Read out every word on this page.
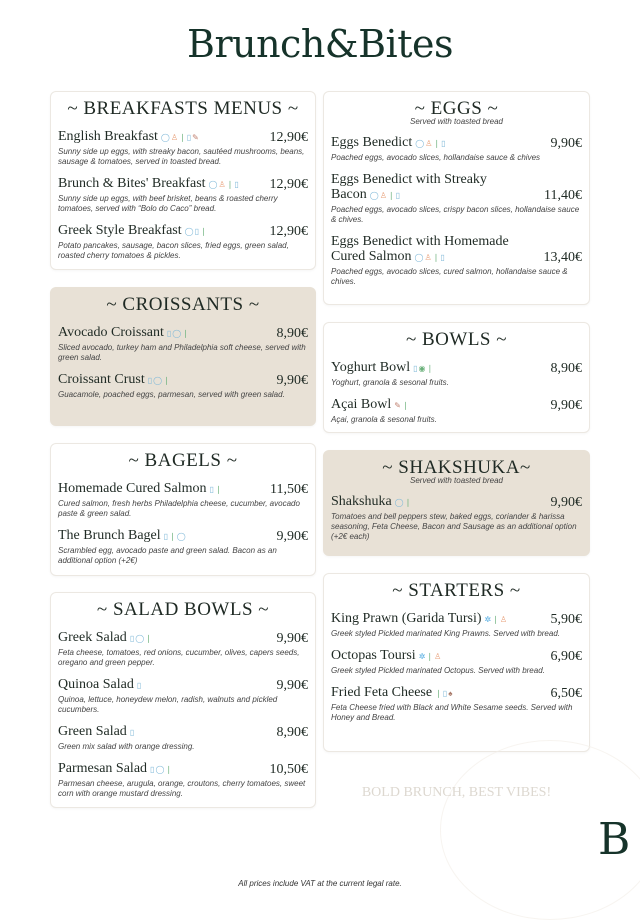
Brunch&Bites
~ BREAKFASTS MENUS ~
English Breakfast ◯♙❘▯✎	12,90€
Sunny side up eggs, with streaky bacon, sautéed mushrooms, beans, sausage & tomatoes, served in toasted bread.
Brunch & Bites' Breakfast ◯♙❘▯ 12,90€
Sunny side up eggs, with beef brisket, beans & roasted cherry tomatoes, served with “Bolo do Caco” bread.
Greek Style Breakfast ◯▯❘	12,90€
Potato pancakes, sausage, bacon slices, fried eggs, green salad, roasted cherry tomatoes & pickles.
~ CROISSANTS ~
Avocado Croissant ▯◯❘	8,90€
Sliced avocado, turkey ham and Philadelphia soft cheese, served with green salad.
Croissant Crust ▯◯❘	9,90€
Guacamole, poached eggs, parmesan, served with green salad.
~ BAGELS ~
Homemade Cured Salmon ▯❘	11,50€
Cured salmon, fresh herbs Philadelphia cheese, cucumber, avocado paste & green salad.
The Brunch Bagel ▯❘◯	9,90€
Scrambled egg, avocado paste and green salad. Bacon as an additional option (+2€)
~ SALAD BOWLS ~
Greek Salad ▯◯❘	9,90€
Feta cheese, tomatoes, red onions, cucumber, olives, capers seeds, oregano and green pepper.
Quinoa Salad ▯	9,90€
Quinoa, lettuce, honeydew melon, radish, walnuts and pickled cucumbers.
Green Salad ▯	8,90€
Green mix salad with orange dressing.
Parmesan Salad ▯◯❘	10,50€
Parmesan cheese, arugula, orange, croutons, cherry tomatoes, sweet corn with orange mustard dressing.
~ EGGS ~
Served with toasted bread
Eggs Benedict ◯♙❘▯	9,90€
Poached eggs, avocado slices, hollandaise sauce & chives
Eggs Benedict with Streaky Bacon ◯♙❘▯	11,40€
Poached eggs, avocado slices, crispy bacon slices, hollandaise sauce & chives.
Eggs Benedict with Homemade Cured Salmon ◯♙❘▯	13,40€
Poached eggs, avocado slices, cured salmon, hollandaise sauce & chives.
~ BOWLS ~
Yoghurt Bowl ▯◉❘	8,90€
Yoghurt, granola & sesonal fruits.
Açai Bowl ✎❘	9,90€
Açai, granola & sesonal fruits.
~ SHAKSHUKA~
Served with toasted bread
Shakshuka ◯❘	9,90€
Tomatoes and bell peppers stew, baked eggs, coriander & harissa seasoning, Feta Cheese, Bacon and Sausage as an additional option (+2€ each)
~ STARTERS ~
King Prawn (Garida Tursi) ✲❘♙	5,90€
Greek styled Pickled marinated King Prawns. Served with bread.
Octopas Toursi ✲❘♙	6,90€
Greek styled Pickled marinated Octopus. Served with bread.
Fried Feta Cheese ❘▯♠	6,50€
Feta Cheese fried with Black and White Sesame seeds. Served with Honey and Bread.
BOLD BRUNCH, BEST VIBES!
B
All prices include VAT at the current legal rate.
